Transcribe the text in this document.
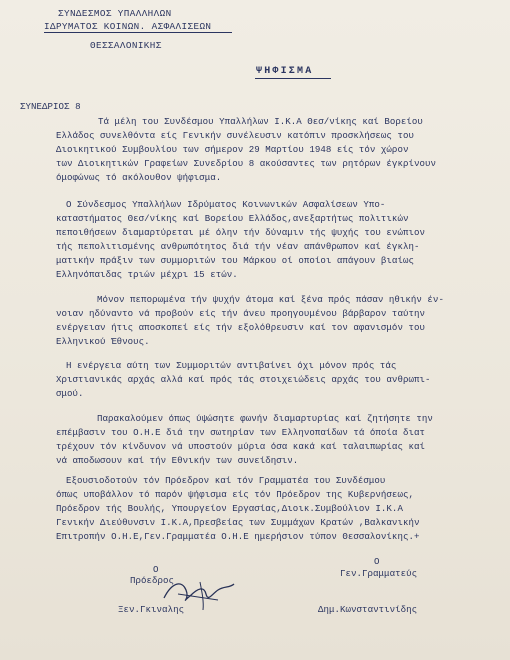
ΣΥΝΔΕΣΜΟΣ ΥΠΑΛΛΗΛΩΝ
ΙΔΡΥΜΑΤΟΣ ΚΟΙΝΩΝ. ΑΣΦΑΛΙΣΕΩΝ
ΘΕΣΣΑΛΟΝΙΚΗΣ
ΨΗΦΙΣΜΑ
ΣΥΝΕΔΡΙΟΣ 8
Τά μέλη του Συνδέσμου Υπαλλήλων Ι.Κ.Α Θεσ/νίκης καί Βορείου
Ελλάδος συνελθόντα είς Γενικήν συνέλευσιν κατόπιν προσκλήσεως του
Διοικητικού Συμβουλίου των σήμερον 29 Μαρτίου 1948 είς τόν χώρον
των Διοικητικών Γραφείων Συνεδρίου 8 ακούσαντες των ρητόρων έγκρίνουν
όμοφώνως τό ακόλουθον ψήφισμα.
Ο Σύνδεσμος Υπαλλήλων Ιδρύματος Κοινωνικών Ασφαλίσεων Υπο-
καταστήματος Θεσ/νίκης καί Βορείου Ελλάδος,ανεξαρτήτως πολιτικών
πεποιθήσεων διαμαρτύρεται μέ όλην τήν δύναμιν τής ψυχής του ενώπιον
τής πεπολιτισμένης ανθρωπότητος διά τήν νέαν απάνθρωπον καί έγκλη-
ματικήν πράξιν των συμμοριτών του Μάρκου οί οποίοι απάγουν βιαίως
Ελληνόπαιδας τριών μέχρι 15 ετών.
Μόνον πεπορωμένα τήν ψυχήν άτομα καί ξένα πρός πάσαν ηθικήν έν-
νοιαν ηδύναντο νά προβούν είς τήν άνευ προηγουμένου βάρβαρον ταύτην
ενέργειαν ήτις αποσκοπεί είς τήν εξολόθρευσιν καί τον αφανισμόν του
Ελληνικού Έθνους.
Η ενέργεια αύτη των Συμμοριτών αντιβαίνει όχι μόνον πρός τάς
Χριστιανικάς αρχάς αλλά καί πρός τάς στοιχειώδεις αρχάς του ανθρωπι-
σμού.
Παρακαλούμεν όπως ύψώσητε φωνήν διαμαρτυρίας καί ζητήσητε την
επέμβασιν του Ο.Η.Ε διά την σωτηρίαν των Ελληνοπαίδων τά όποία διατ
τρέχουν τόν κίνδυνον νά υποστούν μύρια όσα κακά καί ταλαιπωρίας καί
νά αποδωσουν καί τήν Εθνικήν των συνείδησιν.
Εξουσιοδοτούν τόν Πρόεδρον καί τόν Γραμματέα του Συνδέσμου
όπως υποβάλλον τό παρόν ψήφισμα είς τόν Πρόεδρον της Κυβερνήσεως,
Πρόεδρον τής Βουλής, Υπουργείον Εργασίας,Διοικ.Συμβούλιον Ι.Κ.Α
Γενικήν Διεύθυνσιν Ι.Κ.Α,Πρεσβείας των Συμμάχων Κρατών ,Βαλκανικήν
Επιτροπήν Ο.Η.Ε,Γεν.Γραμματέα Ο.Η.Ε ημερήσιον τύπον Θεσσαλονίκης.+
Ο
Πρόεδρος
Ξεν.Γκιναλης
Ο
Γεν.Γραμματεύς
Δημ.Κωνσταντινίδης
